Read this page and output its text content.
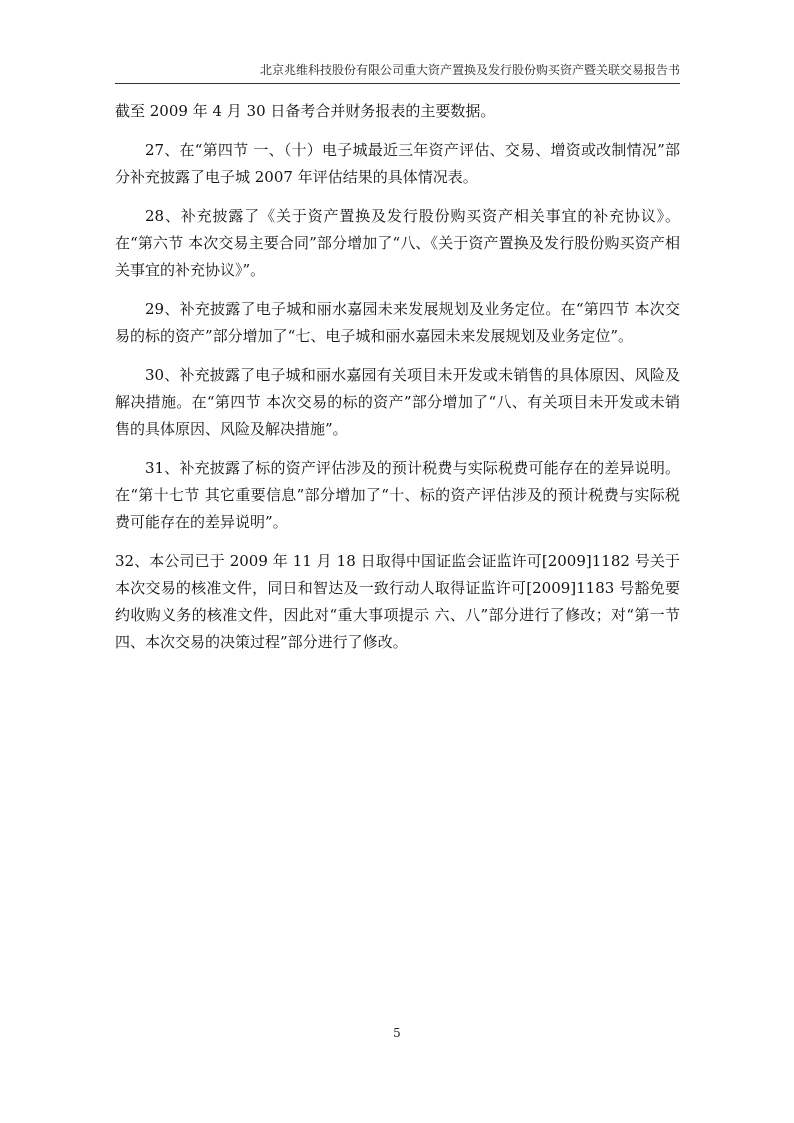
北京兆维科技股份有限公司重大资产置换及发行股份购买资产暨关联交易报告书

截至 2009 年 4 月 30 日备考合并财务报表的主要数据。

27、在“第四节 一、（十）电子城最近三年资产评估、交易、增资或改制情况”部分补充披露了电子城 2007 年评估结果的具体情况表。

28、补充披露了《关于资产置换及发行股份购买资产相关事宜的补充协议》。在“第六节 本次交易主要合同”部分增加了“八、《关于资产置换及发行股份购买资产相关事宜的补充协议》”。

29、补充披露了电子城和丽水嘉园未来发展规划及业务定位。在“第四节 本次交易的标的资产”部分增加了“七、电子城和丽水嘉园未来发展规划及业务定位”。

30、补充披露了电子城和丽水嘉园有关项目未开发或未销售的具体原因、风险及解决措施。在“第四节 本次交易的标的资产”部分增加了“八、有关项目未开发或未销售的具体原因、风险及解决措施”。

31、补充披露了标的资产评估涉及的预计税费与实际税费可能存在的差异说明。在“第十七节 其它重要信息”部分增加了“十、标的资产评估涉及的预计税费与实际税费可能存在的差异说明”。

32、本公司已于 2009 年 11 月 18 日取得中国证监会证监许可[2009]1182 号关于本次交易的核准文件，同日和智达及一致行动人取得证监许可[2009]1183 号豁免要约收购义务的核准文件，因此对“重大事项提示 六、八”部分进行了修改；对“第一节 四、本次交易的决策过程”部分进行了修改。

5
